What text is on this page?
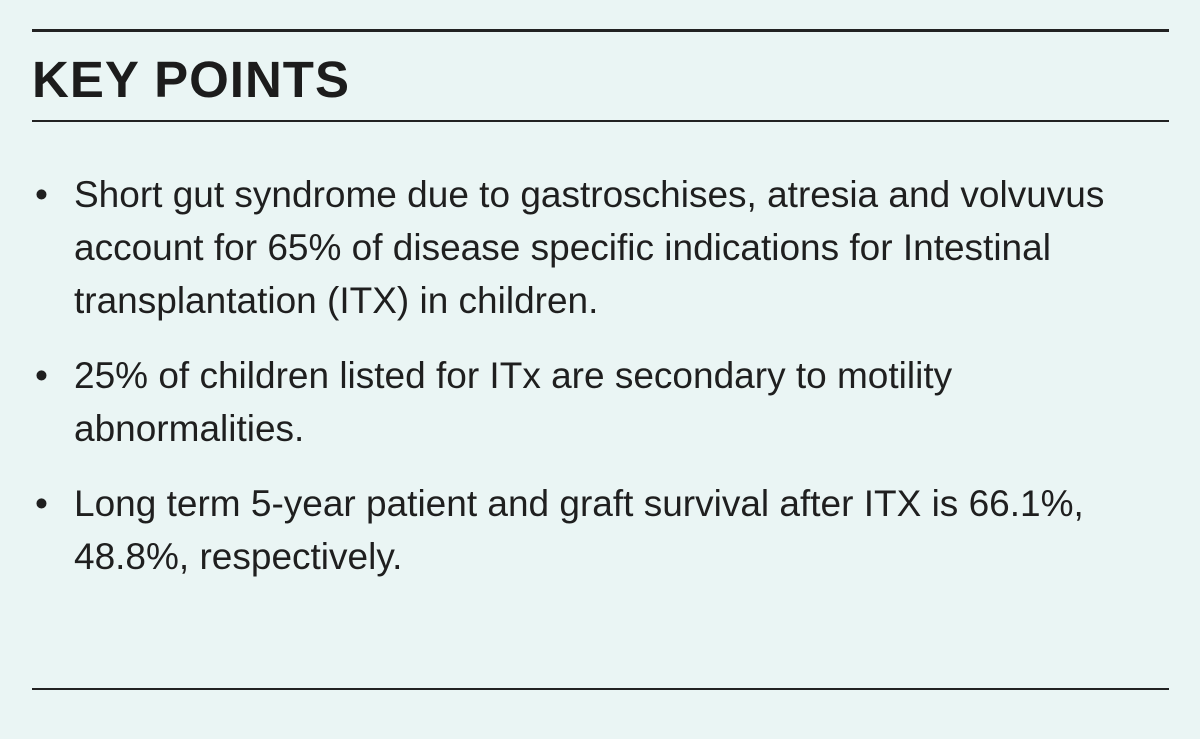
KEY POINTS
• Short gut syndrome due to gastroschises, atresia and volvuvus account for 65% of disease specific indications for Intestinal transplantation (ITX) in children.
• 25% of children listed for ITx are secondary to motility abnormalities.
• Long term 5-year patient and graft survival after ITX is 66.1%, 48.8%, respectively.
